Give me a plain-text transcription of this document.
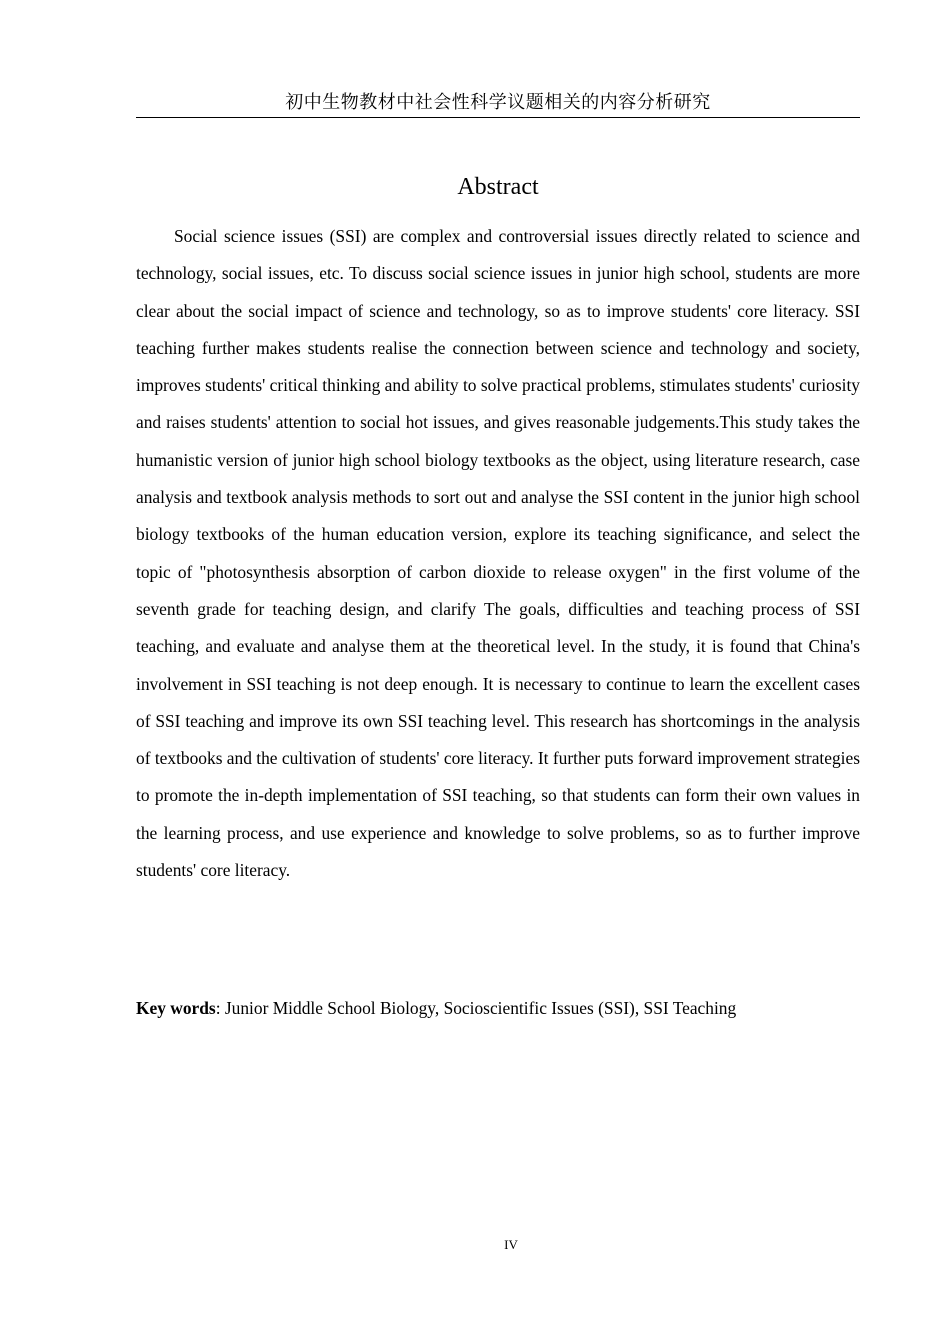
初中生物教材中社会性科学议题相关的内容分析研究
Abstract

Social science issues (SSI) are complex and controversial issues directly related to science and technology, social issues, etc. To discuss social science issues in junior high school, students are more clear about the social impact of science and technology, so as to improve students' core literacy. SSI teaching further makes students realise the connection between science and technology and society, improves students' critical thinking and ability to solve practical problems, stimulates students' curiosity and raises students' attention to social hot issues, and gives reasonable judgements.This study takes the humanistic version of junior high school biology textbooks as the object, using literature research, case analysis and textbook analysis methods to sort out and analyse the SSI content in the junior high school biology textbooks of the human education version, explore its teaching significance, and select the topic of "photosynthesis absorption of carbon dioxide to release oxygen" in the first volume of the seventh grade for teaching design, and clarify The goals, difficulties and teaching process of SSI teaching, and evaluate and analyse them at the theoretical level. In the study, it is found that China's involvement in SSI teaching is not deep enough. It is necessary to continue to learn the excellent cases of SSI teaching and improve its own SSI teaching level. This research has shortcomings in the analysis of textbooks and the cultivation of students' core literacy. It further puts forward improvement strategies to promote the in-depth implementation of SSI teaching, so that students can form their own values in the learning process, and use experience and knowledge to solve problems, so as to further improve students' core literacy.

Key words: Junior Middle School Biology, Socioscientific Issues (SSI), SSI Teaching
IV
